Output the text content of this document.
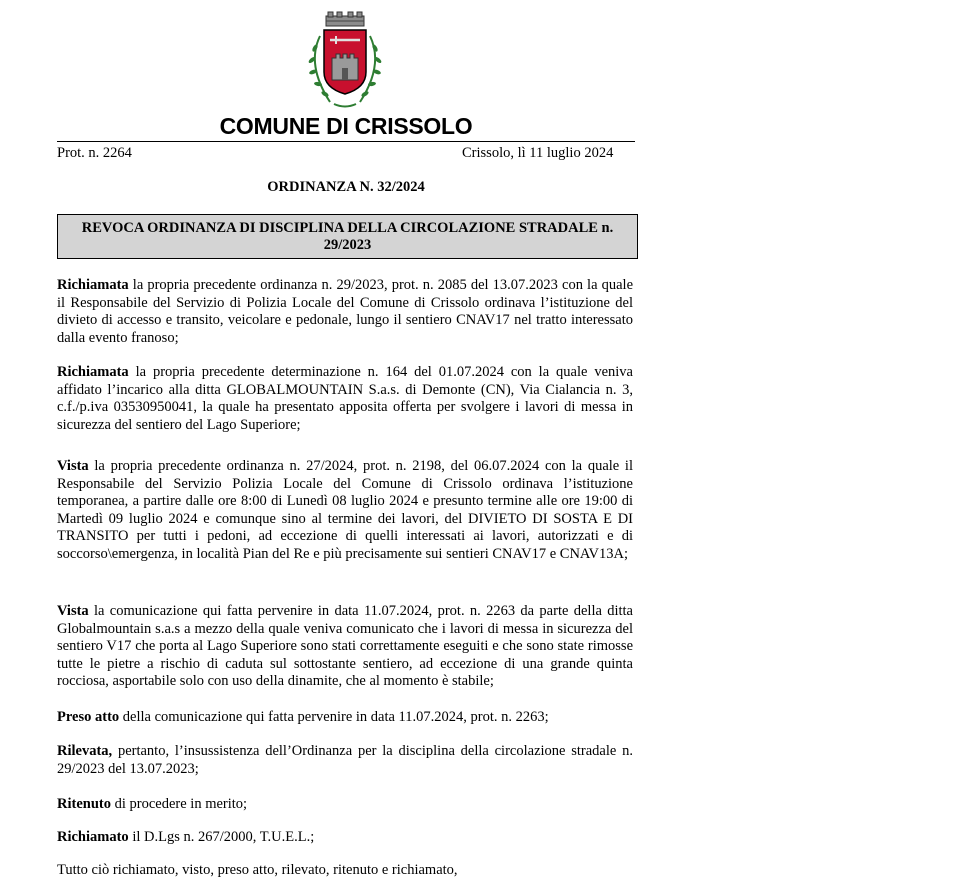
COMUNE DI CRISSOLO
Prot. n. 2264	Crissolo, lì 11 luglio 2024
ORDINANZA N. 32/2024
REVOCA ORDINANZA DI DISCIPLINA DELLA CIRCOLAZIONE STRADALE n. 29/2023

Richiamata la propria precedente ordinanza n. 29/2023, prot. n. 2085 del 13.07.2023 con la quale il Responsabile del Servizio di Polizia Locale del Comune di Crissolo ordinava l’istituzione del divieto di accesso e transito, veicolare e pedonale, lungo il sentiero CNAV17 nel tratto interessato dalla evento franoso;

Richiamata la propria precedente determinazione n. 164 del 01.07.2024 con la quale veniva affidato l’incarico alla ditta GLOBALMOUNTAIN S.a.s. di Demonte (CN), Via Cialancia n. 3, c.f./p.iva 03530950041, la quale ha presentato apposita offerta per svolgere i lavori di messa in sicurezza del sentiero del Lago Superiore;

Vista la propria precedente ordinanza n. 27/2024, prot. n. 2198, del 06.07.2024 con la quale il Responsabile del Servizio Polizia Locale del Comune di Crissolo ordinava l’istituzione temporanea, a partire dalle ore 8:00 di Lunedì 08 luglio 2024 e presunto termine alle ore 19:00 di Martedì 09 luglio 2024 e comunque sino al termine dei lavori, del DIVIETO DI SOSTA E DI TRANSITO per tutti i pedoni, ad eccezione di quelli interessati ai lavori, autorizzati e di soccorso\emergenza, in località Pian del Re e più precisamente sui sentieri CNAV17 e CNAV13A;

Vista la comunicazione qui fatta pervenire in data 11.07.2024, prot. n. 2263 da parte della ditta Globalmountain s.a.s a mezzo della quale veniva comunicato che i lavori di messa in sicurezza del sentiero V17 che porta al Lago Superiore sono stati correttamente eseguiti e che sono state rimosse tutte le pietre a rischio di caduta sul sottostante sentiero, ad eccezione di una grande quinta rocciosa, asportabile solo con uso della dinamite, che al momento è stabile;

Preso atto della comunicazione qui fatta pervenire in data 11.07.2024, prot. n. 2263;

Rilevata, pertanto, l’insussistenza dell’Ordinanza per la disciplina della circolazione stradale n. 29/2023 del 13.07.2023;

Ritenuto di procedere in merito;

Richiamato il D.Lgs n. 267/2000, T.U.E.L.;

Tutto ciò richiamato, visto, preso atto, rilevato, ritenuto e richiamato,
